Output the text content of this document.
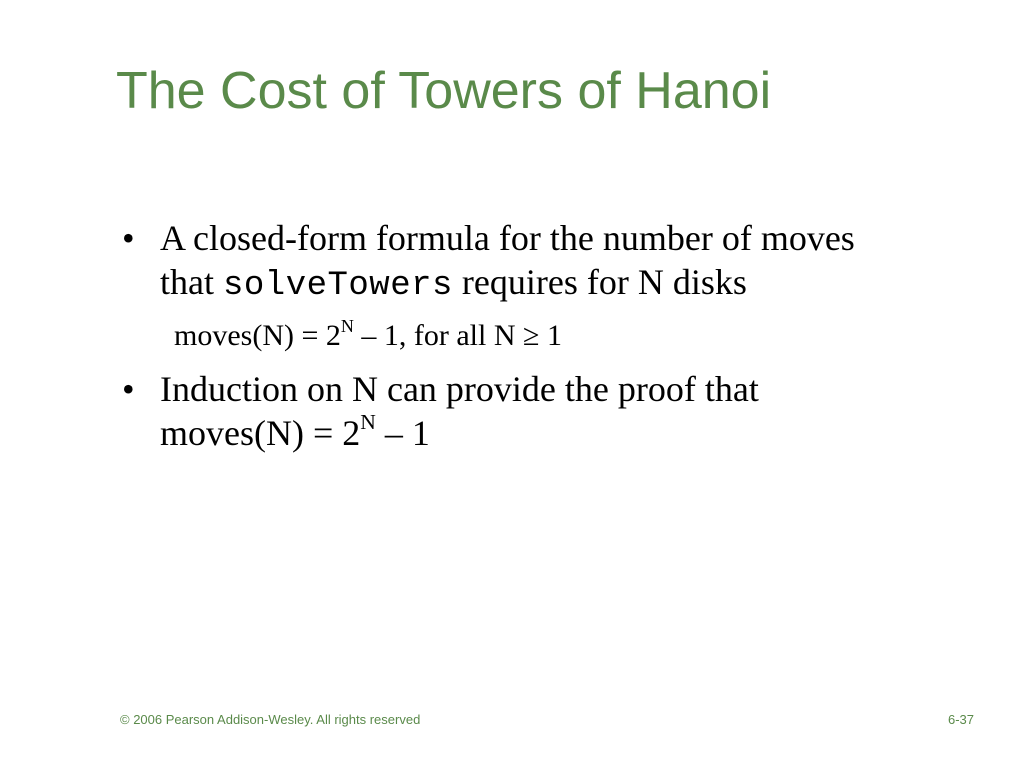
The Cost of Towers of Hanoi
• A closed-form formula for the number of moves
that solveTowers requires for N disks
moves(N) = $2^N - 1$, for all N ≥ 1
• Induction on N can provide the proof that
moves(N) = $2^N - 1$
© 2006 Pearson Addison-Wesley. All rights reserved	6-37
